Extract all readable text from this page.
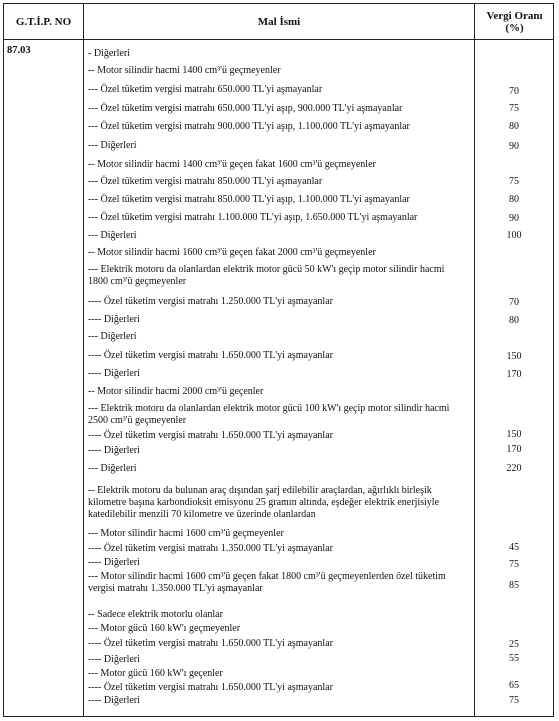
G.T.İ.P. NO	Mal İsmi	Vergi Oranı
(%)
87.03	- Diğerleri
-- Motor silindir hacmi 1400 cm³'ü geçmeyenler
--- Özel tüketim vergisi matrahı 650.000 TL'yi aşmayanlar	70
--- Özel tüketim vergisi matrahı 650.000 TL'yi aşıp, 900.000 TL'yi aşmayanlar	75
--- Özel tüketim vergisi matrahı 900.000 TL'yi aşıp, 1.100.000 TL'yi aşmayanlar	80
--- Diğerleri	90
-- Motor silindir hacmi 1400 cm³'ü geçen fakat 1600 cm³'ü geçmeyenler
--- Özel tüketim vergisi matrahı 850.000 TL'yi aşmayanlar	75
--- Özel tüketim vergisi matrahı 850.000 TL'yi aşıp, 1.100.000 TL'yi aşmayanlar	80
--- Özel tüketim vergisi matrahı 1.100.000 TL'yi aşıp, 1.650.000 TL'yi aşmayanlar	90
--- Diğerleri	100
-- Motor silindir hacmi 1600 cm³'ü geçen fakat 2000 cm³'ü geçmeyenler
--- Elektrik motoru da olanlardan elektrik motor gücü 50 kW'ı geçip motor silindir hacmi 1800 cm³'ü geçmeyenler
---- Özel tüketim vergisi matrahı 1.250.000 TL'yi aşmayanlar	70
---- Diğerleri	80
--- Diğerleri
---- Özel tüketim vergisi matrahı 1.650.000 TL'yi aşmayanlar	150
---- Diğerleri	170
-- Motor silindir hacmi 2000 cm³'ü geçenler
--- Elektrik motoru da olanlardan elektrik motor gücü 100 kW'ı geçip motor silindir hacmi 2500 cm³'ü geçmeyenler
---- Özel tüketim vergisi matrahı 1.650.000 TL'yi aşmayanlar	150
---- Diğerleri	170
--- Diğerleri	220
-- Elektrik motoru da bulunan araç dışından şarj edilebilir araçlardan, ağırlıklı birleşik kilometre başına karbondioksit emisyonu 25 gramın altında, eşdeğer elektrik enerjisiyle katedilebilir menzili 70 kilometre ve üzerinde olanlardan
--- Motor silindir hacmi 1600 cm³'ü geçmeyenler
---- Özel tüketim vergisi matrahı 1.350.000 TL'yi aşmayanlar	45
---- Diğerleri	75
--- Motor silindir hacmi 1600 cm³'ü geçen fakat 1800 cm³'ü geçmeyenlerden özel tüketim vergisi matrahı 1.350.000 TL'yi aşmayanlar	85
-- Sadece elektrik motorlu olanlar
--- Motor gücü 160 kW'ı geçmeyenler
---- Özel tüketim vergisi matrahı 1.650.000 TL'yi aşmayanlar	25
---- Diğerleri	55
--- Motor gücü 160 kW'ı geçenler
---- Özel tüketim vergisi matrahı 1.650.000 TL'yi aşmayanlar	65
---- Diğerleri	75
